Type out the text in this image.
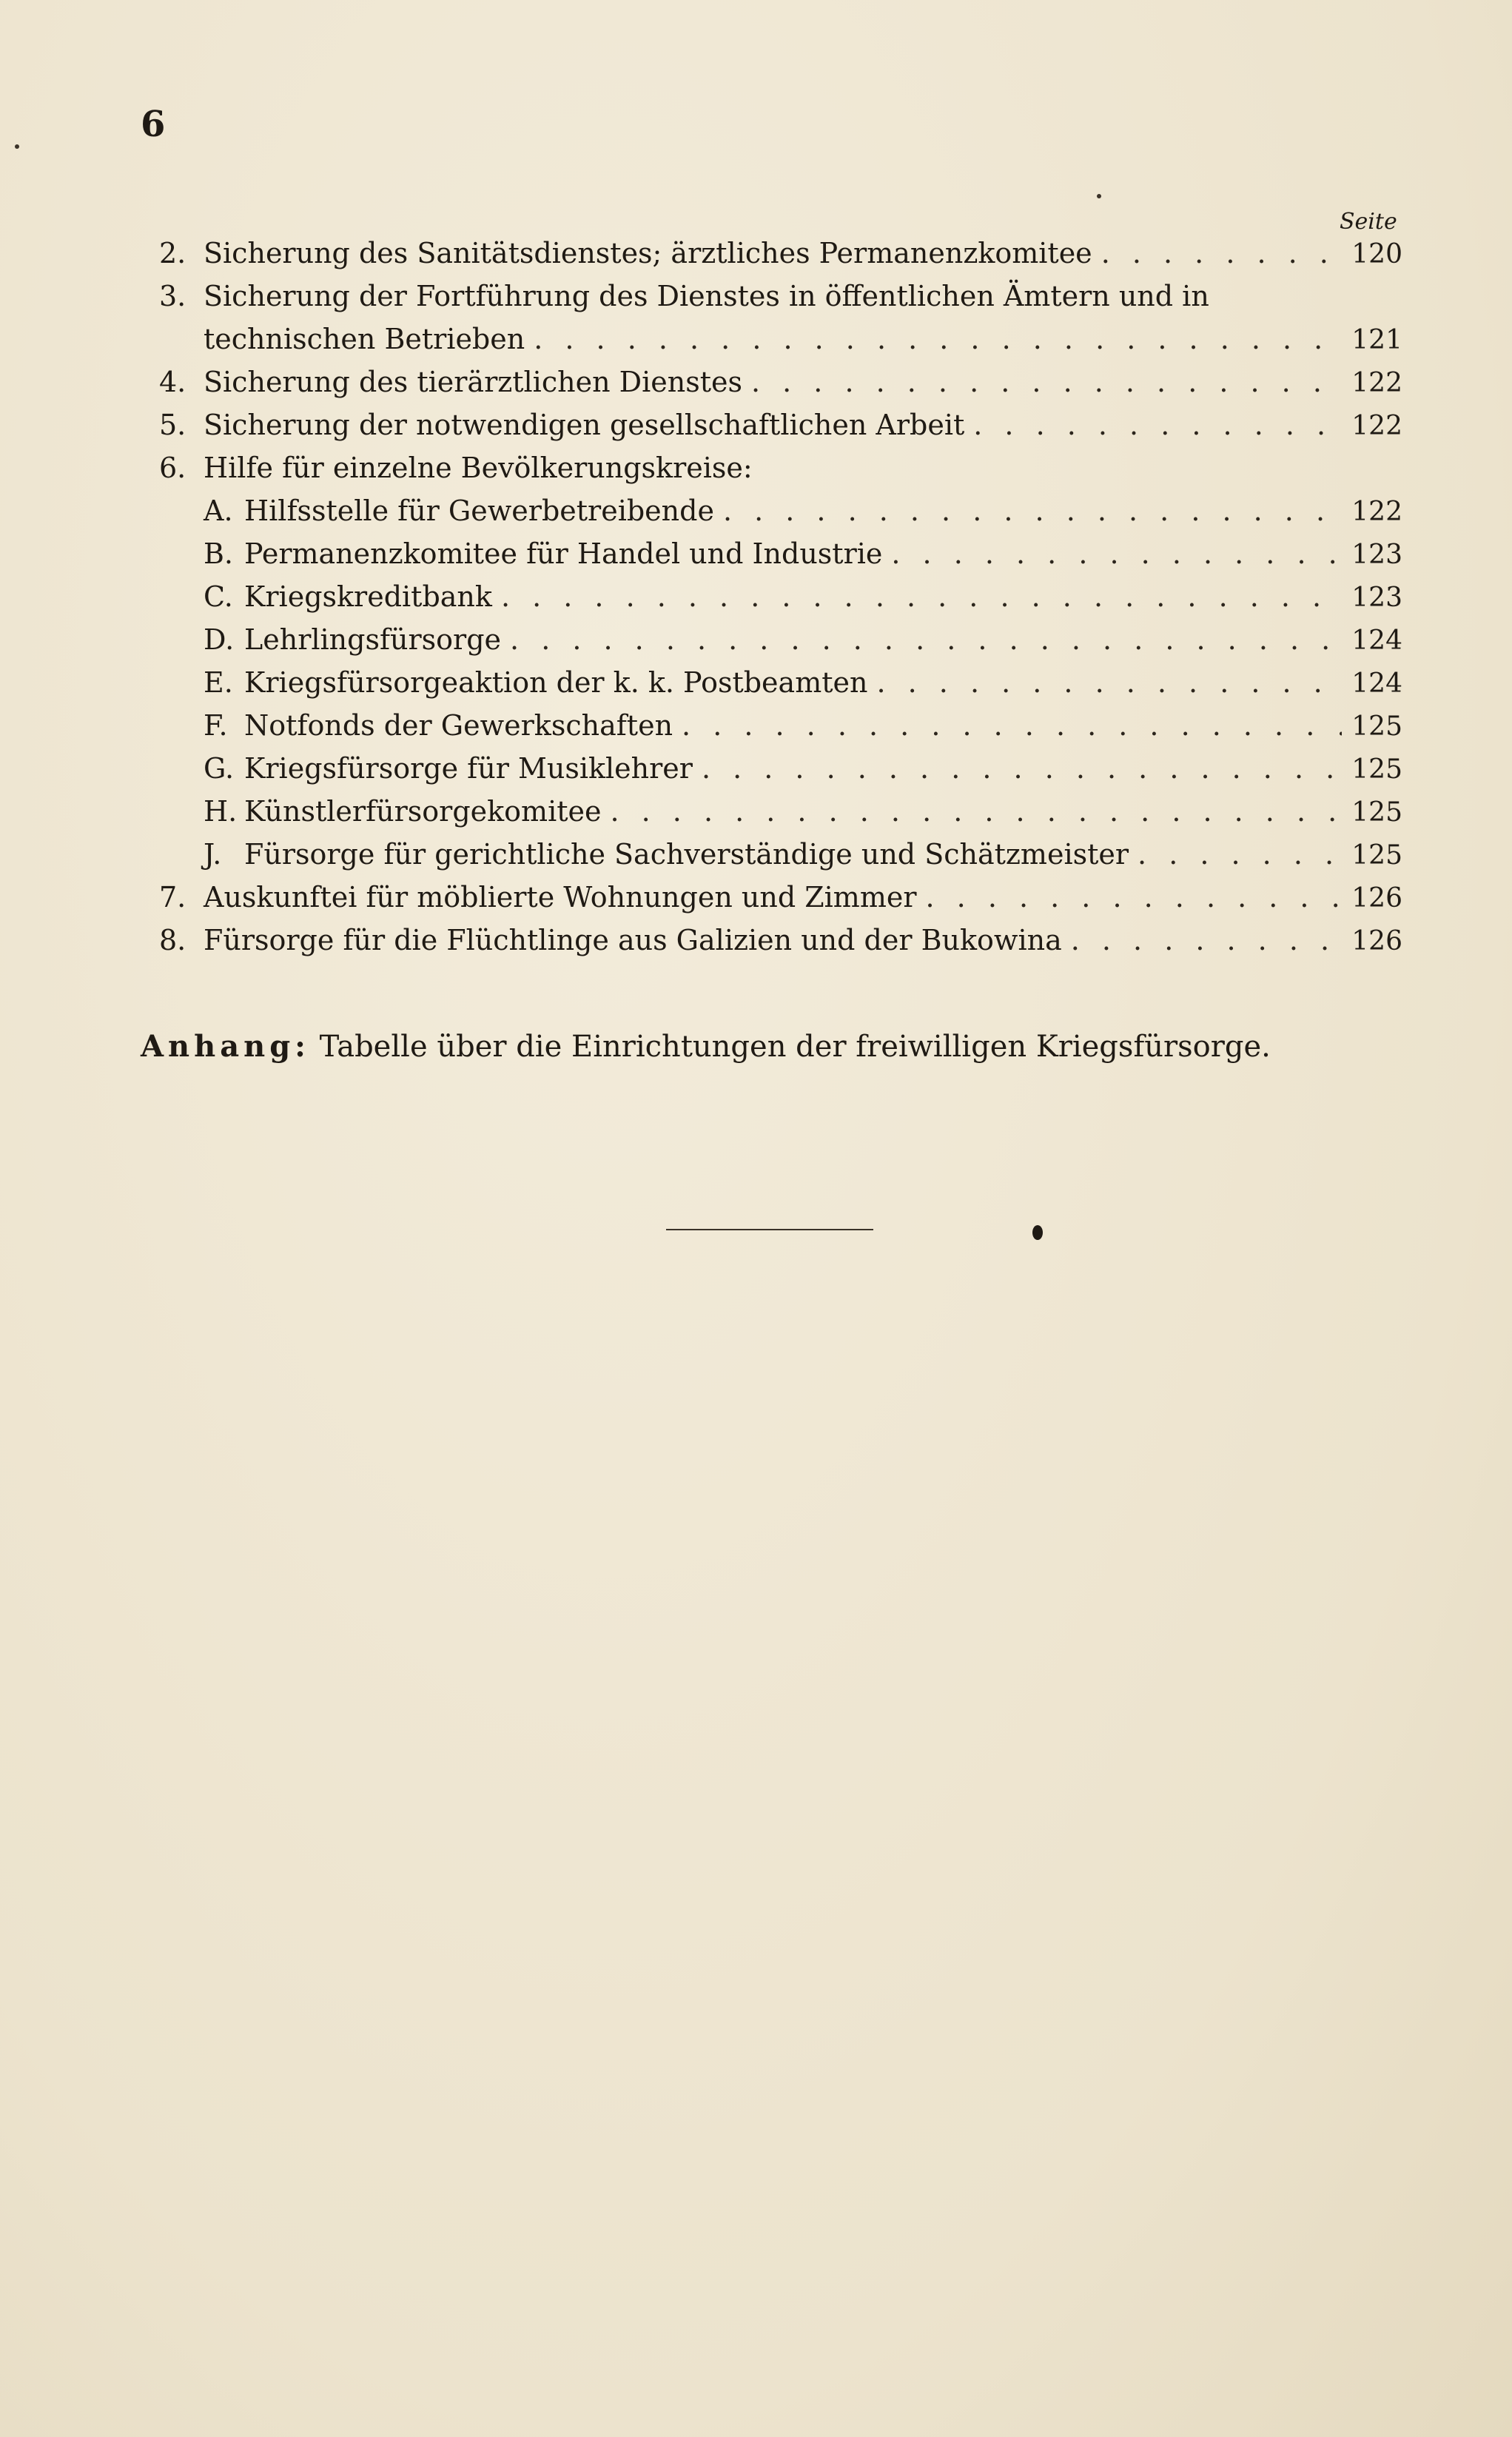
6
Seite
2. Sicherung des Sanitätsdienstes; ärztliches Permanenzkomitee . . .	120
3. Sicherung der Fortführung des Dienstes in öffentlichen Ämtern und in
technischen Betrieben . . .	121
4. Sicherung des tierärztlichen Dienstes . . .	122
5. Sicherung der notwendigen gesellschaftlichen Arbeit . . .	122
6. Hilfe für einzelne Bevölkerungskreise:
A. Hilfsstelle für Gewerbetreibende . . .	122
B. Permanenzkomitee für Handel und Industrie . . .	123
C. Kriegskreditbank . . .	123
D. Lehrlingsfürsorge . . .	124
E. Kriegsfürsorgeaktion der k. k. Postbeamten . . .	124
F. Notfonds der Gewerkschaften . . .	125
G. Kriegsfürsorge für Musiklehrer . . .	125
H. Künstlerfürsorgekomitee . . .	125
J. Fürsorge für gerichtliche Sachverständige und Schätzmeister . . .	125
7. Auskunftei für möblierte Wohnungen und Zimmer . . .	126
8. Fürsorge für die Flüchtlinge aus Galizien und der Bukowina . . .	126
Anhang: Tabelle über die Einrichtungen der freiwilligen Kriegsfürsorge.
